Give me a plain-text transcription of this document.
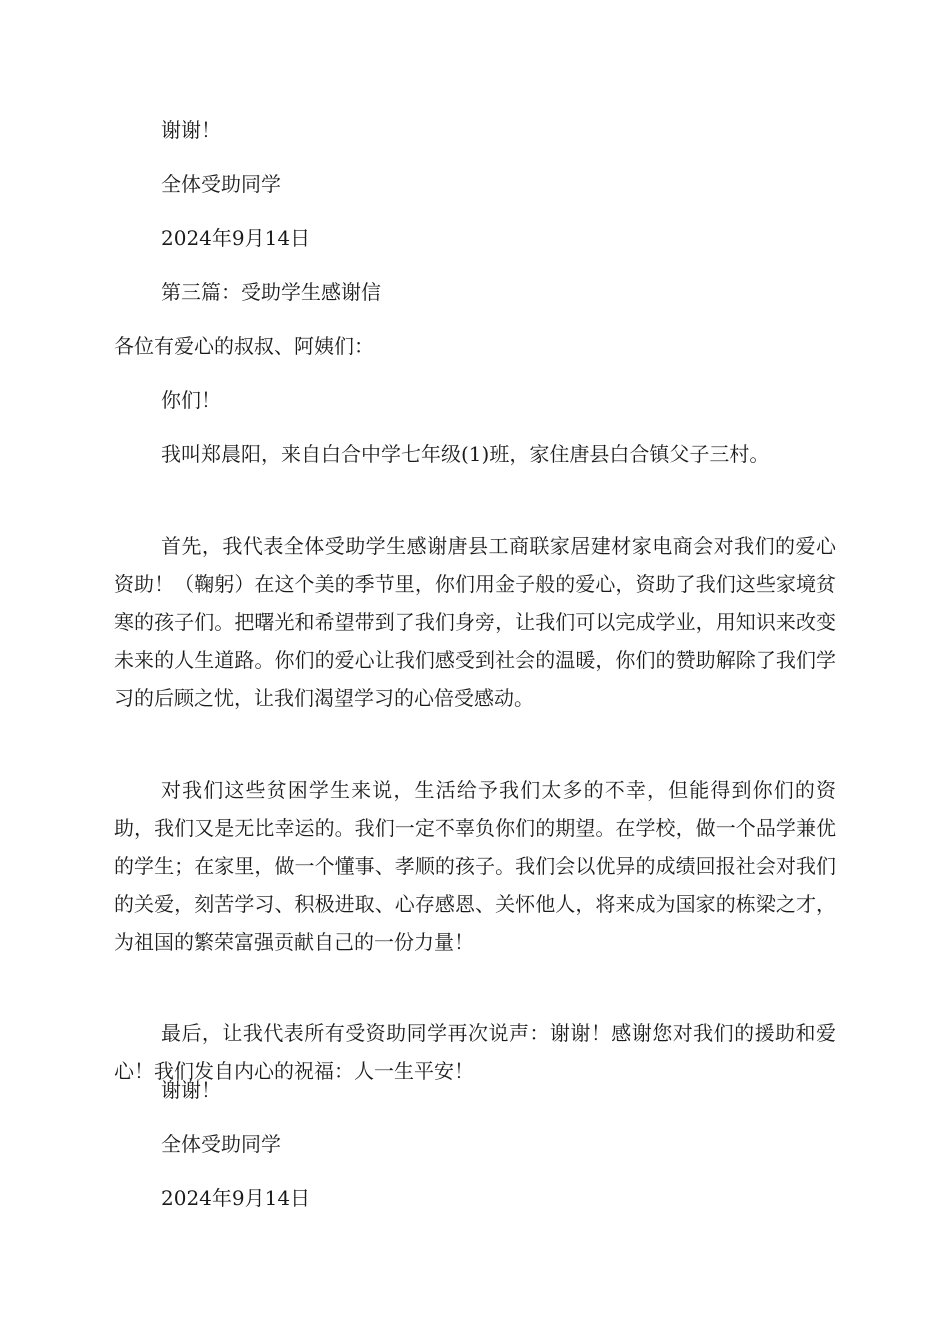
谢谢！
全体受助同学
2024年9月14日
第三篇：受助学生感谢信
各位有爱心的叔叔、阿姨们：
你们！
我叫郑晨阳，来自白合中学七年级(1)班，家住唐县白合镇父子三村。
首先，我代表全体受助学生感谢唐县工商联家居建材家电商会对我们的爱心资助！（鞠躬）在这个美的季节里，你们用金子般的爱心，资助了我们这些家境贫寒的孩子们。把曙光和希望带到了我们身旁，让我们可以完成学业，用知识来改变未来的人生道路。你们的爱心让我们感受到社会的温暖，你们的赞助解除了我们学习的后顾之忧，让我们渴望学习的心倍受感动。
对我们这些贫困学生来说，生活给予我们太多的不幸，但能得到你们的资助，我们又是无比幸运的。我们一定不辜负你们的期望。在学校，做一个品学兼优的学生；在家里，做一个懂事、孝顺的孩子。我们会以优异的成绩回报社会对我们的关爱，刻苦学习、积极进取、心存感恩、关怀他人，将来成为国家的栋梁之才，为祖国的繁荣富强贡献自己的一份力量！
最后，让我代表所有受资助同学再次说声：谢谢！感谢您对我们的援助和爱心！我们发自内心的祝福：人一生平安！
谢谢！
全体受助同学
2024年9月14日
